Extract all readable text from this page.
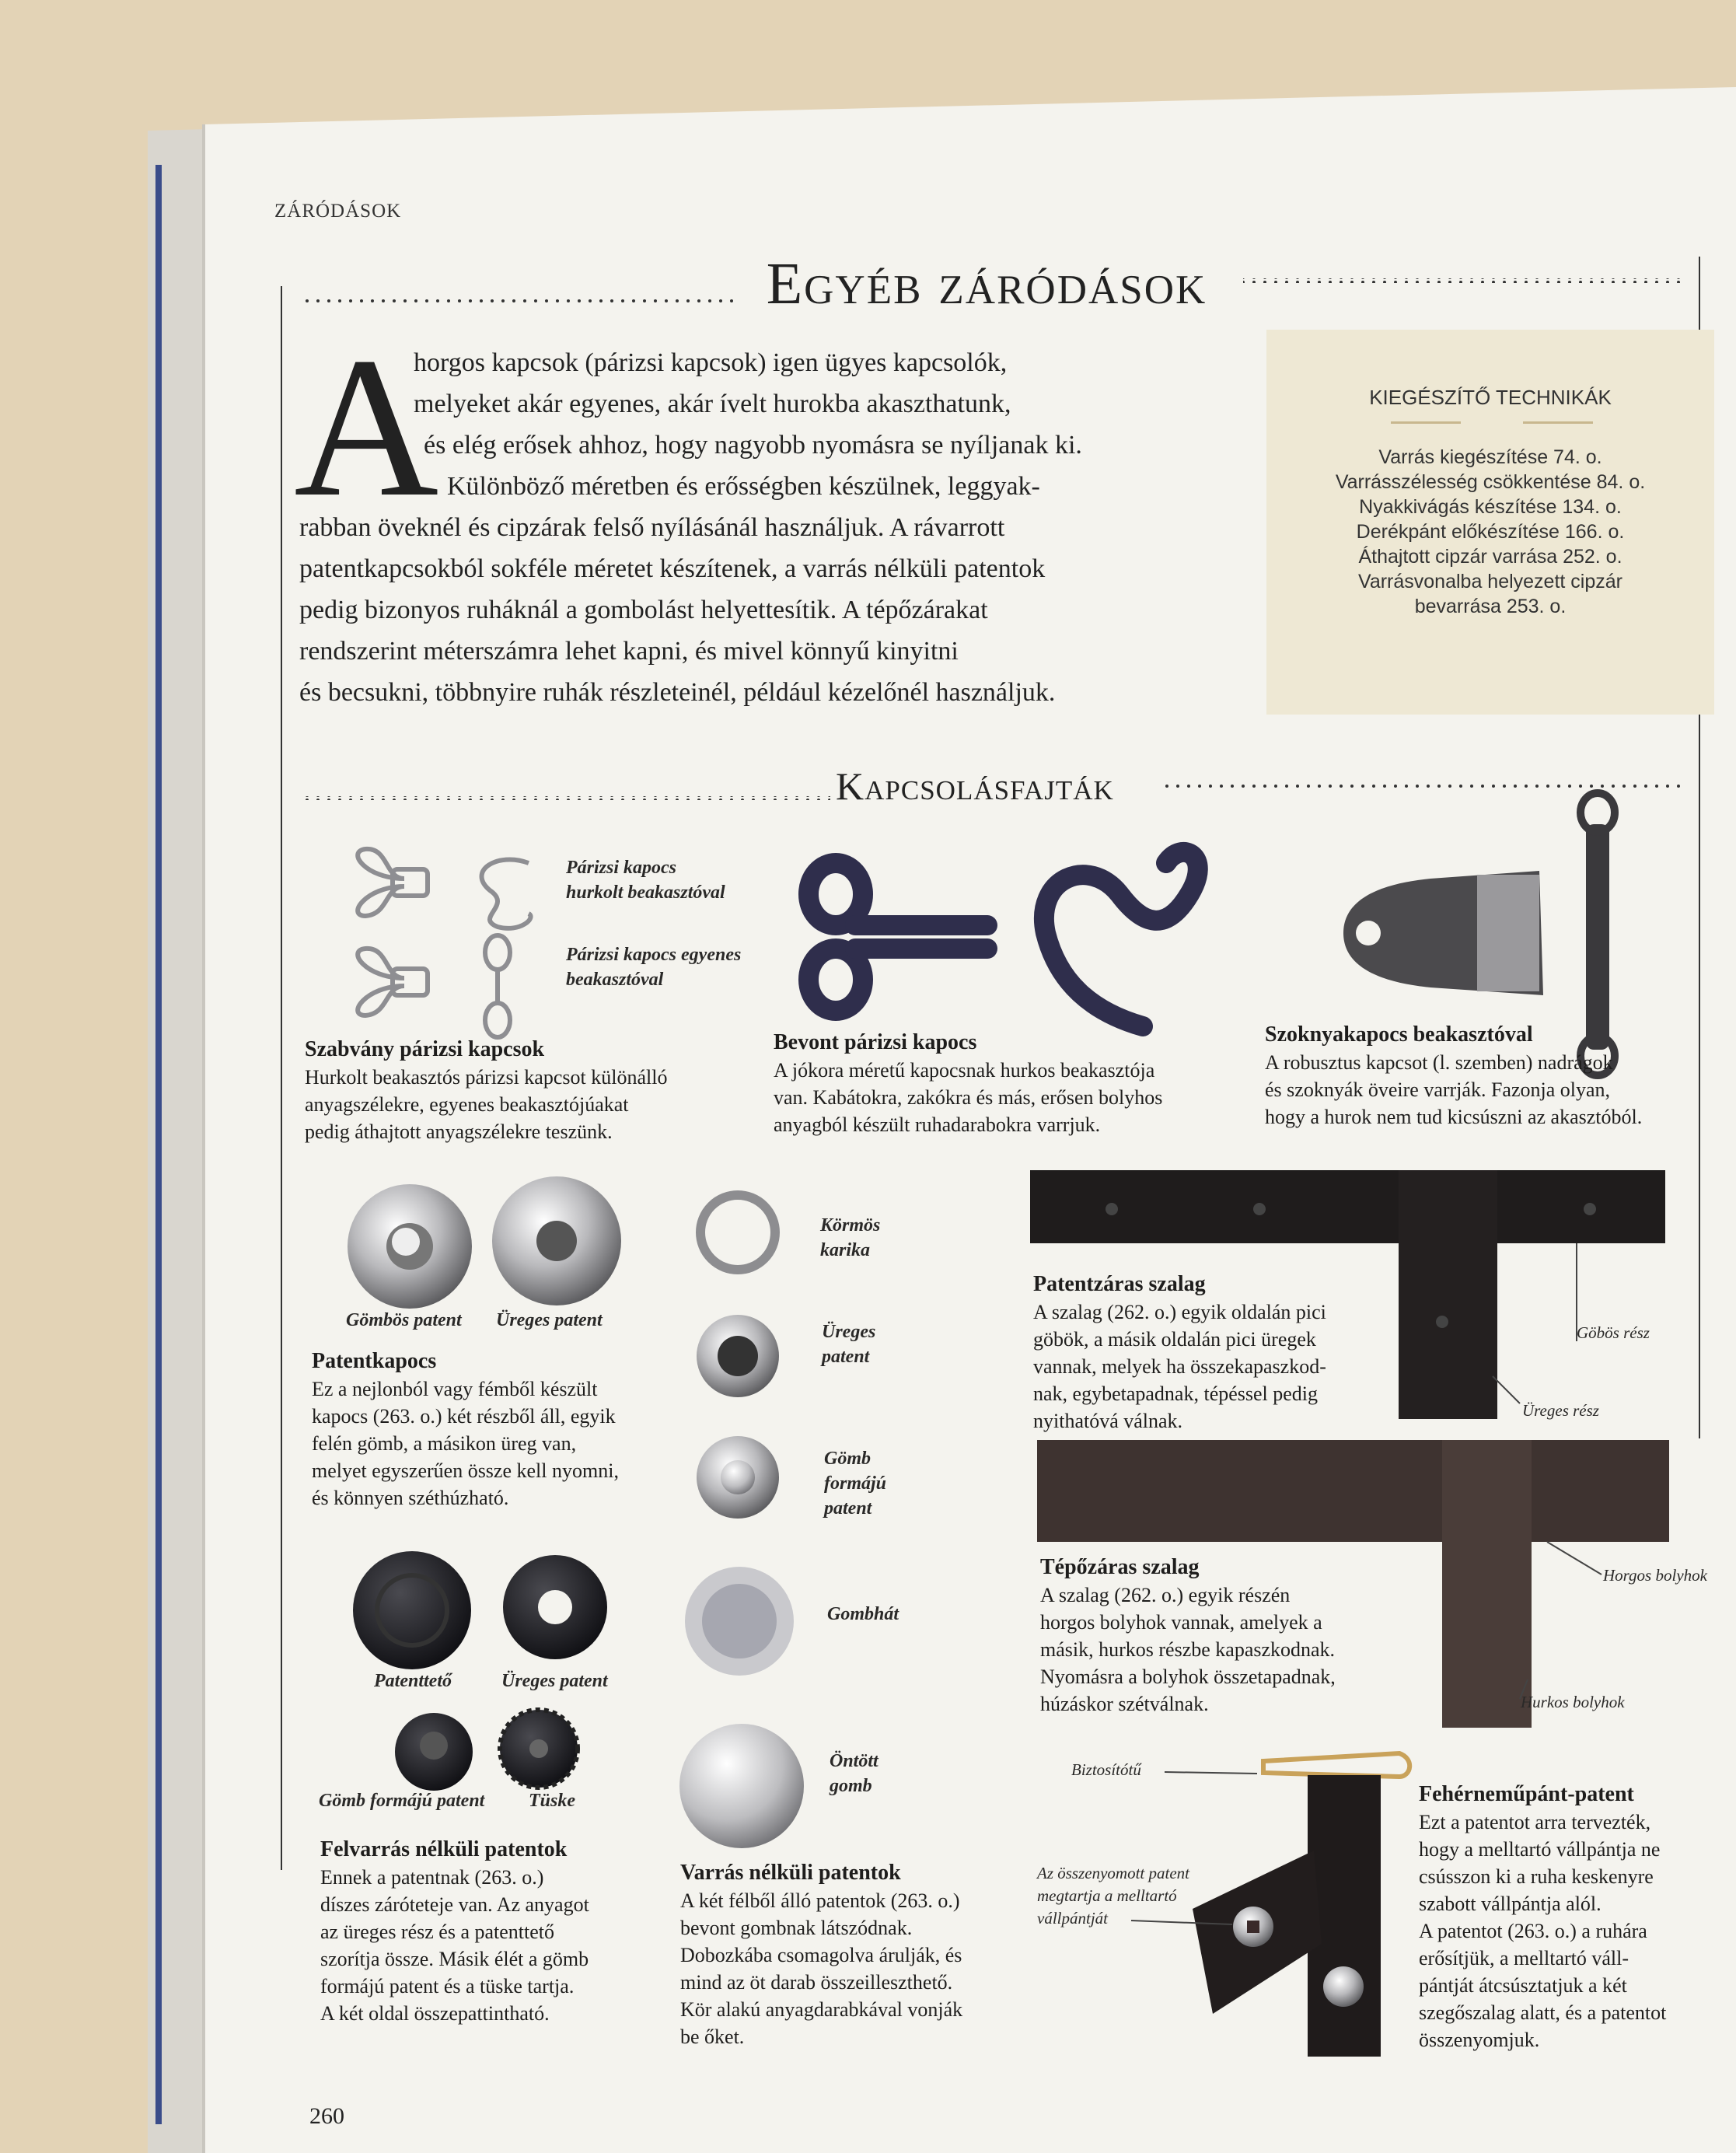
ZÁRÓDÁSOK
Egyéb záródások
A
horgos kapcsok (párizsi kapcsok) igen ügyes kapcsolók,
melyeket akár egyenes, akár ívelt hurokba akaszthatunk,
és elég erősek ahhoz, hogy nagyobb nyomásra se nyíljanak ki.
Különböző méretben és erősségben készülnek, leggyak-
rabban öveknél és cipzárak felső nyílásánál használjuk. A rávarrott
patentkapcsokból sokféle méretet készítenek, a varrás nélküli patentok
pedig bizonyos ruháknál a gombolást helyettesítik. A tépőzárakat
rendszerint méterszámra lehet kapni, és mivel könnyű kinyitni
és becsukni, többnyire ruhák részleteinél, például kézelőnél használjuk.
KIEGÉSZÍTŐ TECHNIKÁK
Varrás kiegészítése 74. o.
Varrásszélesség csökkentése 84. o.
Nyakkivágás készítése 134. o.
Derékpánt előkészítése 166. o.
Áthajtott cipzár varrása 252. o.
Varrásvonalba helyezett cipzár
bevarrása 253. o.
Kapcsolásfajták
Párizsi kapocs
hurkolt beakasztóval
Párizsi kapocs egyenes
beakasztóval
Gömbös patent Üreges patent
Patenttető	Üreges patent
Gömb formájú patent Tüske
Körmös
karika
Üreges
patent
Gömb
formájú
patent
Gombhát
Öntött
gomb
Göbös rész
Üreges rész
Horgos bolyhok
Hurkos bolyhok
Biztosítótű
Az összenyomott patent
megtartja a melltartó
vállpántját
Szabvány párizsi kapcsok
Hurkolt beakasztós párizsi kapcsot különálló
anyagszélekre, egyenes beakasztójúakat
pedig áthajtott anyagszélekre teszünk.
Bevont párizsi kapocs
A jókora méretű kapocsnak hurkos beakasztója
van. Kabátokra, zakókra és más, erősen bolyhos
anyagból készült ruhadarabokra varrjuk.
Szoknyakapocs beakasztóval
A robusztus kapcsot (l. szemben) nadrágok
és szoknyák öveire varrják. Fazonja olyan,
hogy a hurok nem tud kicsúszni az akasztóból.
Patentkapocs
Ez a nejlonból vagy fémből készült
kapocs (263. o.) két részből áll, egyik
felén gömb, a másikon üreg van,
melyet egyszerűen össze kell nyomni,
és könnyen széthúzható.
Felvarrás nélküli patentok
Ennek a patentnak (263. o.)
díszes zárótetеje van. Az anyagot
az üreges rész és a patenttető
szorítja össze. Másik élét a gömb
formájú patent és a tüske tartja.
A két oldal összepattintható.
Varrás nélküli patentok
A két félből álló patentok (263. o.)
bevont gombnak látszódnak.
Dobozkába csomagolva árulják, és
mind az öt darab összeilleszthető.
Kör alakú anyagdarabkával vonják
be őket.
Patentzáras szalag
A szalag (262. o.) egyik oldalán pici
göbök, a másik oldalán pici üregek
vannak, melyek ha összekapaszkod-
nak, egybetapadnak, tépéssel pedig
nyithatóvá válnak.
Tépőzáras szalag
A szalag (262. o.) egyik részén
horgos bolyhok vannak, amelyek a
másik, hurkos részbe kapaszkodnak.
Nyomásra a bolyhok összetapadnak,
húzáskor szétválnak.
Fehérneműpánt-patent
Ezt a patentot arra tervezték,
hogy a melltartó vállpántja ne
csússzon ki a ruha keskenyre
szabott vállpántja alól.
A patentot (263. o.) a ruhára
erősítjük, a melltartó váll-
pántját átcsúsztatjuk a két
szegőszalag alatt, és a patentot
összenyomjuk.
260
